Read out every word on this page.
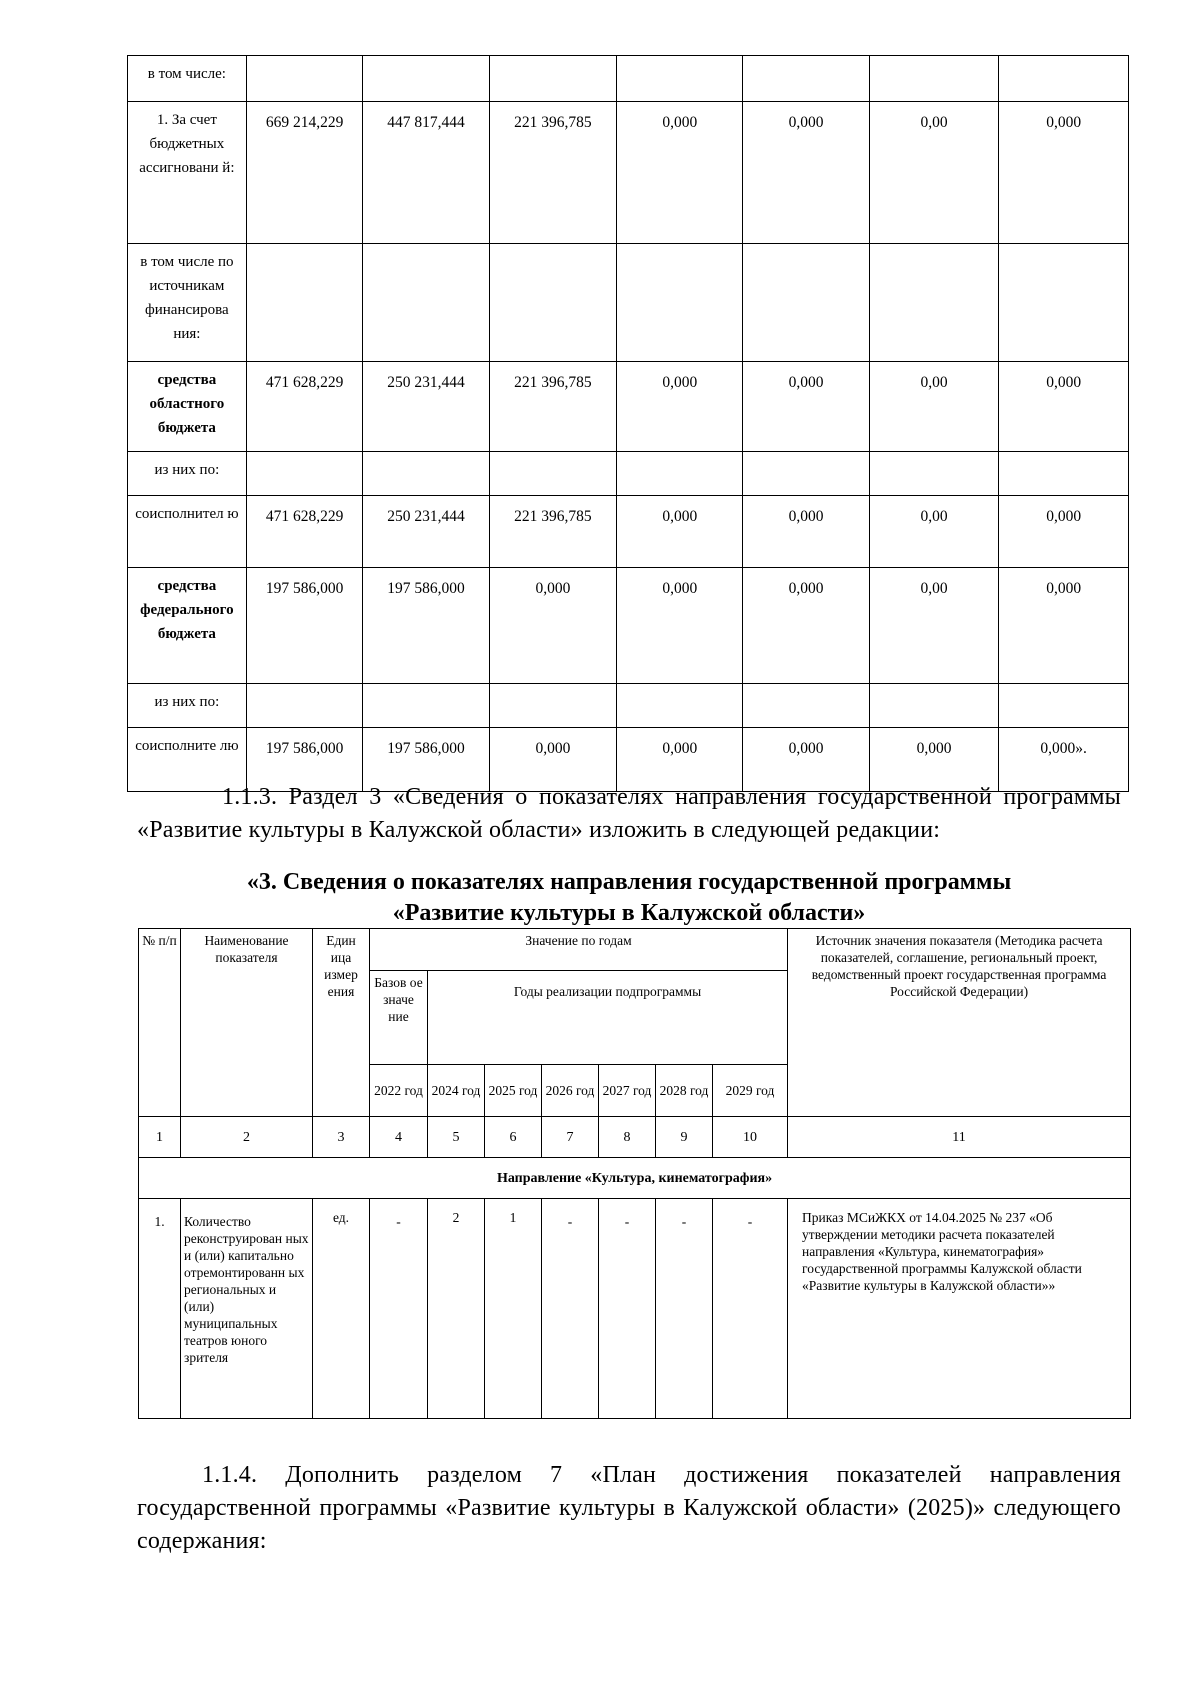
в том числе:							
1. За счет бюджетных ассигновани й:	669 214,229	447 817,444	221 396,785	0,000	0,000	0,00	0,000
в том числе по источникам финансирова ния:							
средства областного бюджета	471 628,229	250 231,444	221 396,785	0,000	0,000	0,00	0,000
из них по:							
соисполнител ю	471 628,229	250 231,444	221 396,785	0,000	0,000	0,00	0,000
средства федерального бюджета	197 586,000	197 586,000	0,000	0,000	0,000	0,00	0,000
из них по:							
соисполните лю	197 586,000	197 586,000	0,000	0,000	0,000	0,000	0,000».
1.1.3. Раздел 3 «Сведения о показателях направления государственной программы «Развитие культуры в Калужской области» изложить в следующей редакции:
«3. Сведения о показателях направления государственной программы
«Развитие культуры в Калужской области»
№ п/п	Наименование показателя	Един ица измер ения	Значение по годам							Источник значения показателя (Методика расчета показателей, соглашение, региональный проект, ведомственный проект государственная программа Российской Федерации)
			Базов ое значе ние	Годы реализации подпрограммы						
			2022 год	2024 год	2025 год	2026 год	2027 год	2028 год	2029 год	
1	2	3	4	5	6	7	8	9	10	11
Направление «Культура, кинематография»										
1.	Количество реконструирован ных и (или) капитально отремонтированн ых региональных и (или) муниципальных театров юного зрителя	ед.	-	2	1	-	-	-	-	Приказ МСиЖКХ от 14.04.2025 № 237 «Об утверждении методики расчета показателей направления «Культура, кинематография» государственной программы Калужской области «Развитие культуры в Калужской области»»
1.1.4. Дополнить разделом 7 «План достижения показателей направления государственной программы «Развитие культуры в Калужской области» (2025)» следующего содержания:
